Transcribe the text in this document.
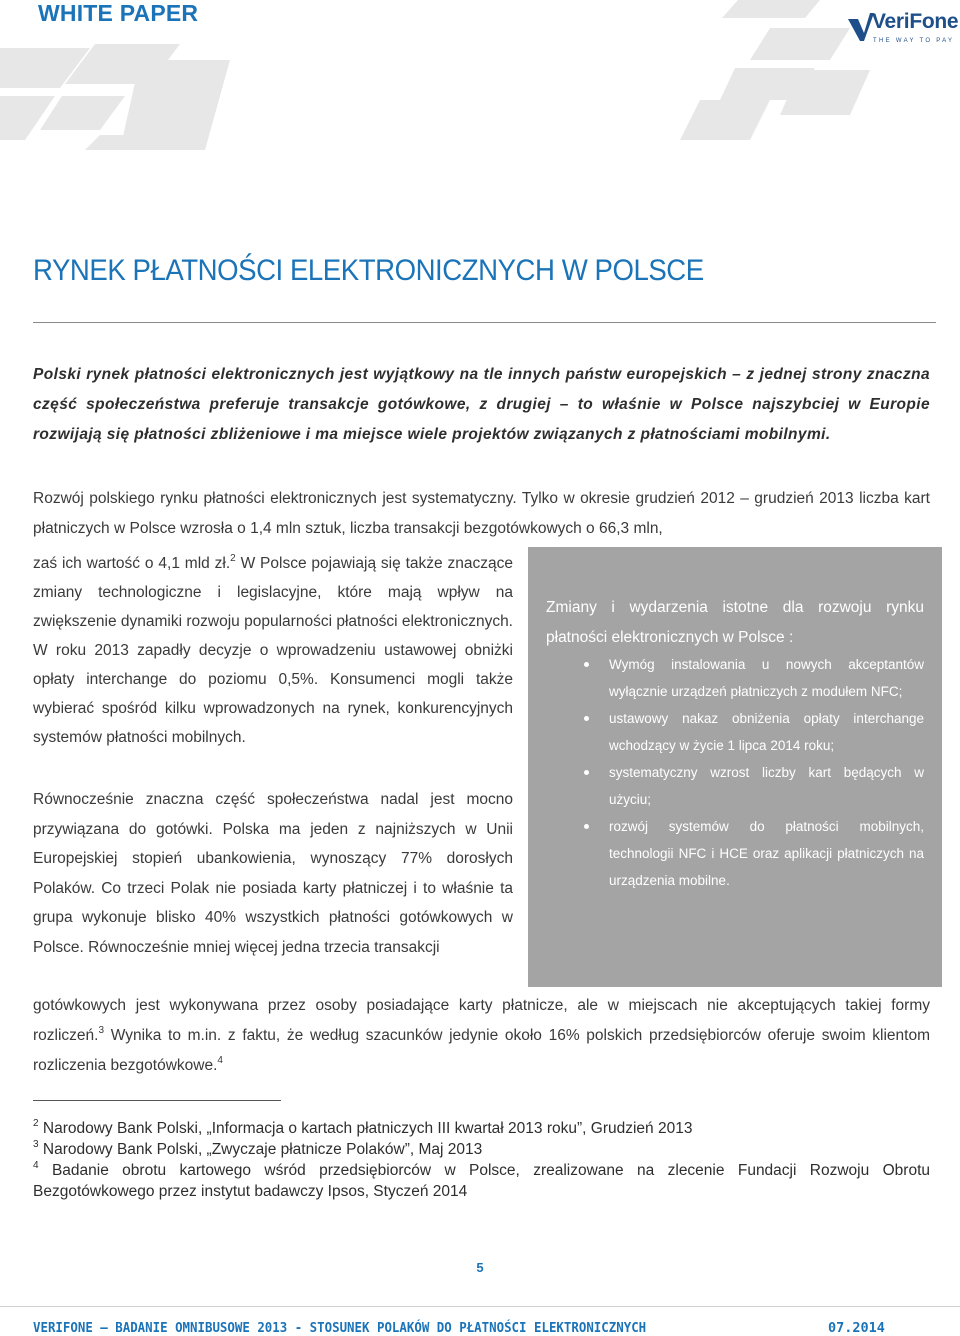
WHITE PAPER	VeriFone
THE WAY TO PAY
RYNEK PŁATNOŚCI ELEKTRONICZNYCH W POLSCE
Polski rynek płatności elektronicznych jest wyjątkowy na tle innych państw europejskich – z jednej strony znaczna część społeczeństwa preferuje transakcje gotówkowe, z drugiej – to właśnie w Polsce najszybciej w Europie rozwijają się płatności zbliżeniowe i ma miejsce wiele projektów związanych z płatnościami mobilnymi.
Rozwój polskiego rynku płatności elektronicznych jest systematyczny. Tylko w okresie grudzień 2012 – grudzień 2013 liczba kart płatniczych w Polsce wzrosła o 1,4 mln sztuk, liczba transakcji bezgotówkowych o 66,3 mln,
zaś ich wartość o 4,1 mld zł.$^2$ W Polsce pojawiają się także znaczące zmiany technologiczne i legislacyjne, które mają wpływ na zwiększenie dynamiki rozwoju popularności płatności elektronicznych. W roku 2013 zapadły decyzje o wprowadzeniu ustawowej obniżki opłaty interchange do poziomu 0,5%. Konsumenci mogli także wybierać spośród kilku wprowadzonych na rynek, konkurencyjnych systemów płatności mobilnych.
Równocześnie znaczna część społeczeństwa nadal jest mocno przywiązana do gotówki. Polska ma jeden z najniższych w Unii Europejskiej stopień ubankowienia, wynoszący 77% dorosłych Polaków. Co trzeci Polak nie posiada karty płatniczej i to właśnie ta grupa wykonuje blisko 40% wszystkich płatności gotówkowych w Polsce. Równocześnie mniej więcej jedna trzecia transakcji
gotówkowych jest wykonywana przez osoby posiadające karty płatnicze, ale w miejscach nie akceptujących takiej formy rozliczeń.$^3$ Wynika to m.in. z faktu, że według szacunków jedynie około 16% polskich przedsiębiorców oferuje swoim klientom rozliczenia bezgotówkowe.$^4$
Zmiany i wydarzenia istotne dla rozwoju rynku płatności elektronicznych w Polsce :
Wymóg instalowania u nowych akceptantów wyłącznie urządzeń płatniczych z modułem NFC;
ustawowy nakaz obniżenia opłaty interchange wchodzący w życie 1 lipca 2014 roku;
systematyczny wzrost liczby kart będących w użyciu;
rozwój systemów do płatności mobilnych, technologii NFC i HCE oraz aplikacji płatniczych na urządzenia mobilne.

$^2$ Narodowy Bank Polski, „Informacja o kartach płatniczych III kwartał 2013 roku”, Grudzień 2013

$^3$ Narodowy Bank Polski, „Zwyczaje płatnicze Polaków”, Maj 2013

$^4$ Badanie obrotu kartowego wśród przedsiębiorców w Polsce, zrealizowane na zlecenie Fundacji Rozwoju Obrotu Bezgotówkowego przez instytut badawczy Ipsos, Styczeń 2014

5
VERIFONE – BADANIE OMNIBUSOWE 2013 - STOSUNEK POLAKÓW DO PŁATNOŚCI ELEKTRONICZNYCH	07.2014
